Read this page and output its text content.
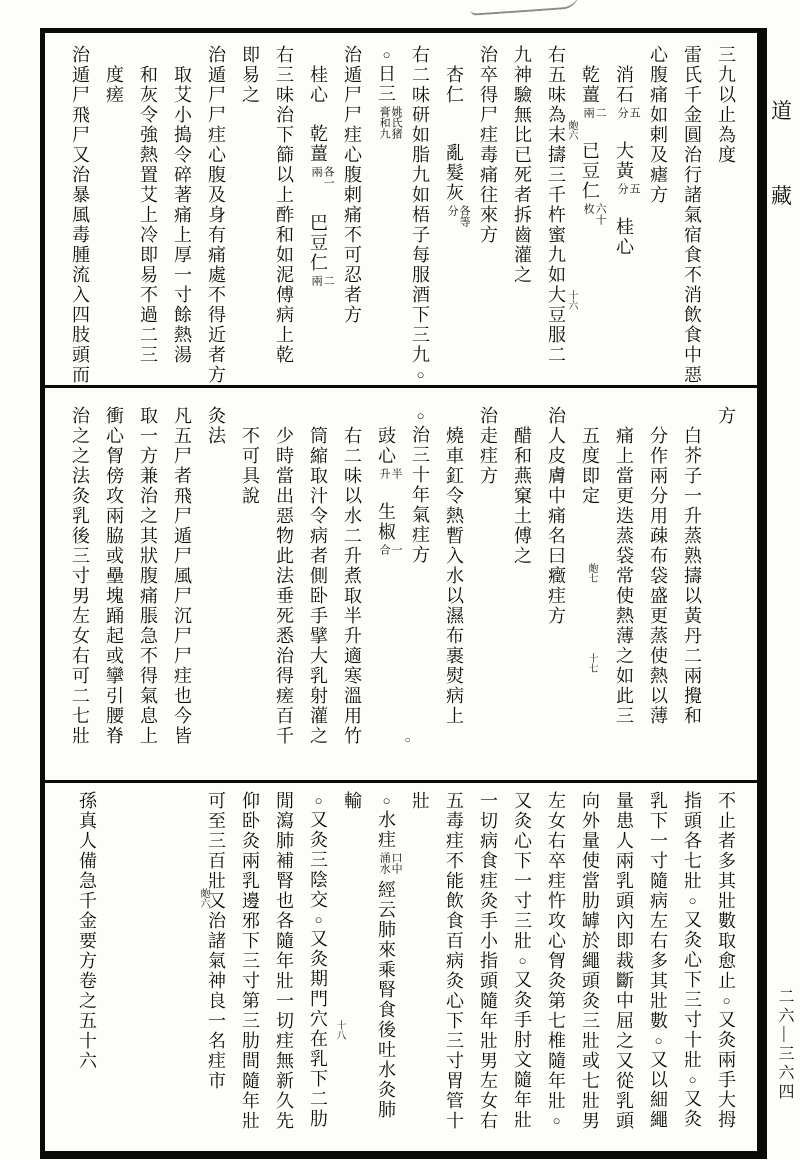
三九以止為度
雷氏千金圓治行諸氣宿食不消飲食中惡
心腹痛如剌及瘧方
消石五分大黃五分桂心
乾薑二兩已豆仁六十枚
右五味為末擣三千杵蜜九如大豆服二 皰六
十六
九神驗無比已死者拆齒灌之
治卒得尸疰毒痛往來方
杏仁亂髮灰各等分
右二味研如脂九如梧子每服酒下三九○
○日三姚氏猪膏和九
治遁尸尸疰心腹剌痛不可忍者方
桂心乾薑各一兩巴豆仁二兩
右三味治下篩以上酢和如泥傅病上乾
即易之
治遁尸尸疰心腹及身有痛處不得近者方
取艾小搗令碎著痛上厚一寸餘熱湯
和灰令強熱置艾上冷即易不過二三
度瘥
治遁尸飛尸又治暴風毒腫流入四肢頭而
方
白芥子一升蒸熟擣以黃丹二兩攪和
分作兩分用疎布袋盛更蒸使熱以薄
痛上當更迭蒸袋常使熱薄之如此三
五度即定
皰七
十七
治人皮膚中痛名曰癥疰方
醋和燕窠土傅之
治走疰方
燒車釭令熱暫入水以濕布裹熨病上
○治三十年氣疰方
○
豉心半升生椒一合
右二味以水二升煮取半升適寒溫用竹
筒縮取汁令病者側卧手擘大乳射灌之
少時當出惡物此法垂死悉治得瘥百千
不可具說
灸法
凡五尸者飛尸遁尸風尸沉尸尸疰也今皆
取一方兼治之其狀腹痛脹急不得氣息上
衝心胷傍攻兩脇或壘塊踊起或攣引腰脊
治之之法灸乳後三寸男左女右可二七壯
不止者多其壯數取愈止○又灸兩手大拇
指頭各七壯○又灸心下三寸十壯○又灸
乳下一寸隨病左右多其壯數○又以細繩
量患人兩乳頭內即裁斷中屈之又從乳頭
向外量使當肋罅於繩頭灸三壯或七壯男
左女右卒疰忤攻心胷灸第七椎隨年壯○
又灸心下一寸三壯○又灸手肘文隨年壯
一切病食疰灸手小指頭隨年壯男左女右
五毒疰不能飲食百病灸心下三寸胃管十
壯
○水疰口中涌水經云肺來乘腎食後吐水灸肺輸
十八
○又灸三陰交○又灸期門穴在乳下二肋
閒瀉肺補腎也各隨年壯一切疰無新久先
仰卧灸兩乳邊邪下三寸第三肋間隨年壯
可至三百壯又治諸氣神良一名疰市
皰六
孫真人備急千金要方卷之五十六
道
藏
二六—三六四
